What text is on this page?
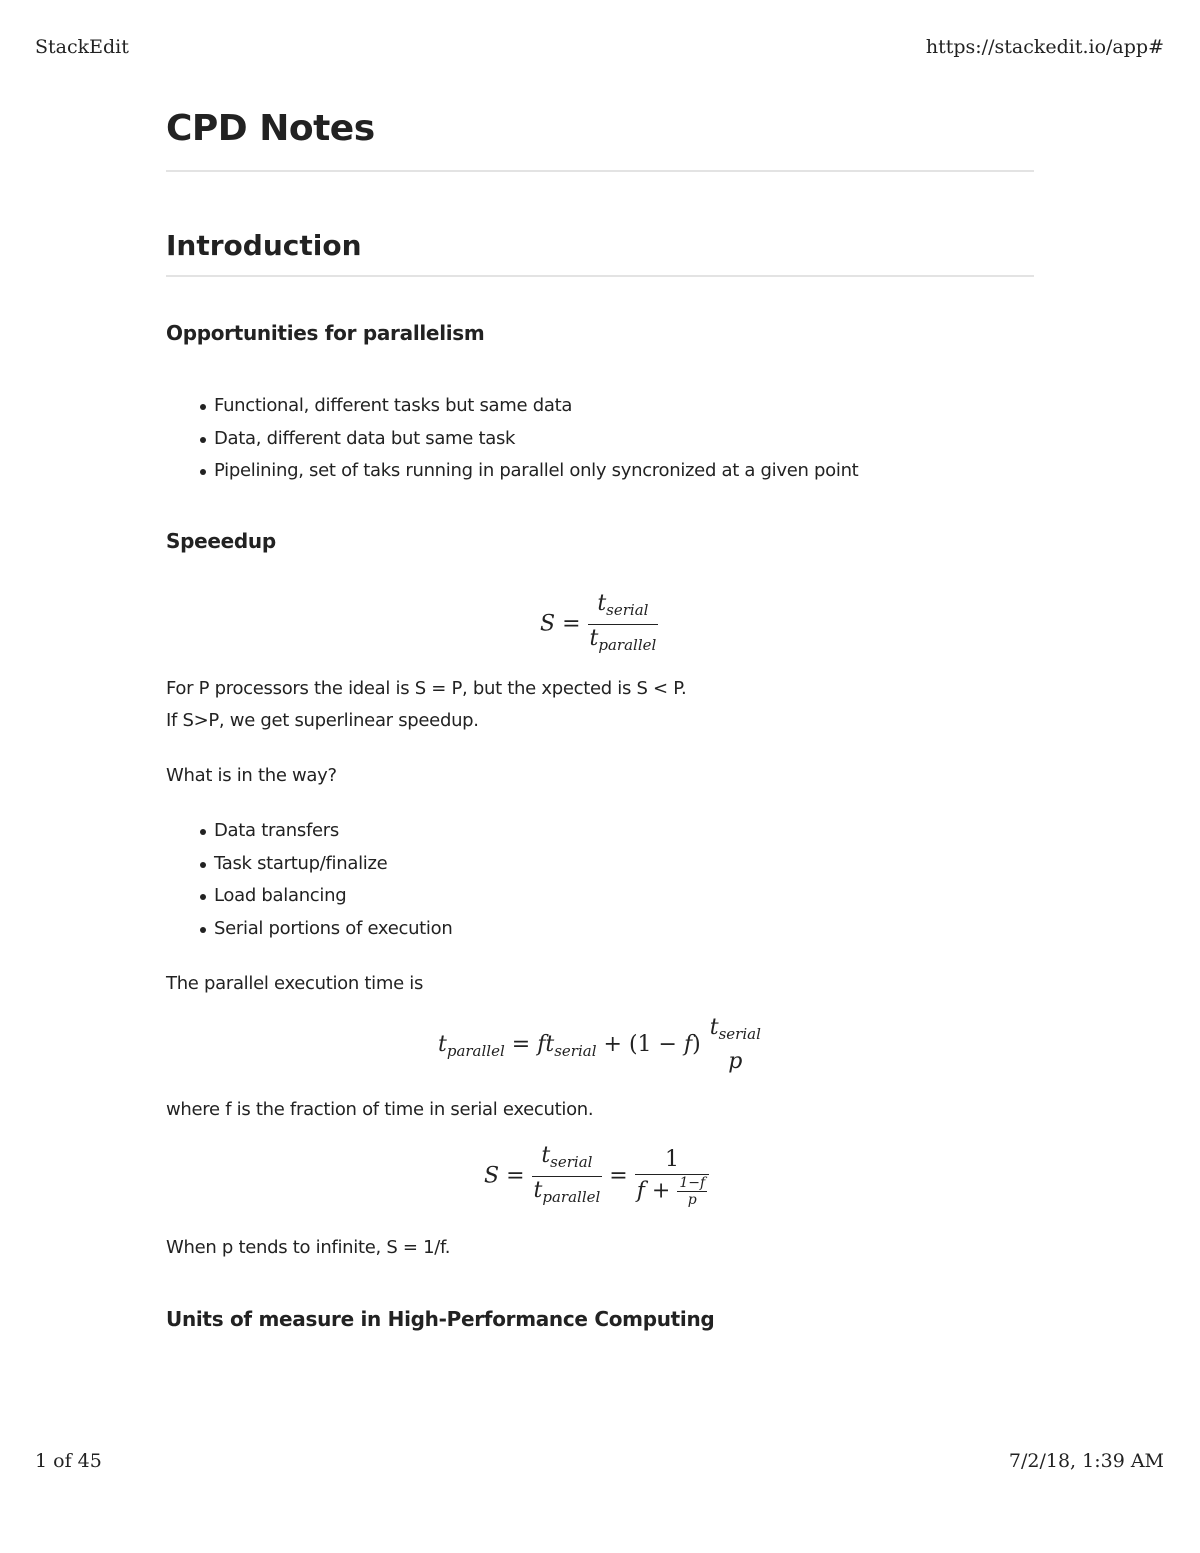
StackEdit	https://stackedit.io/app#
CPD Notes
Introduction
Opportunities for parallelism
Functional, different tasks but same data
Data, different data but same task
Pipelining, set of taks running in parallel only syncronized at a given point
Speeedup
$S = \frac{t_{serial}}{t_{parallel}}$
For P processors the ideal is S = P, but the xpected is S < P.
If S>P, we get superlinear speedup.
What is in the way?
Data transfers
Task startup/finalize
Load balancing
Serial portions of execution
The parallel execution time is
$t_{parallel} = ft_{serial} + (1 - f)$
$t_{serial}$
p
where f is the fraction of time in serial execution.
$S = \frac{t_{serial}}{t_{parallel}} = \frac{1}{f + \frac{1-f}{p}}$
When p tends to infinite, S = 1/f.
Units of measure in High-Performance Computing
1 of 45	7/2/18, 1:39 AM
